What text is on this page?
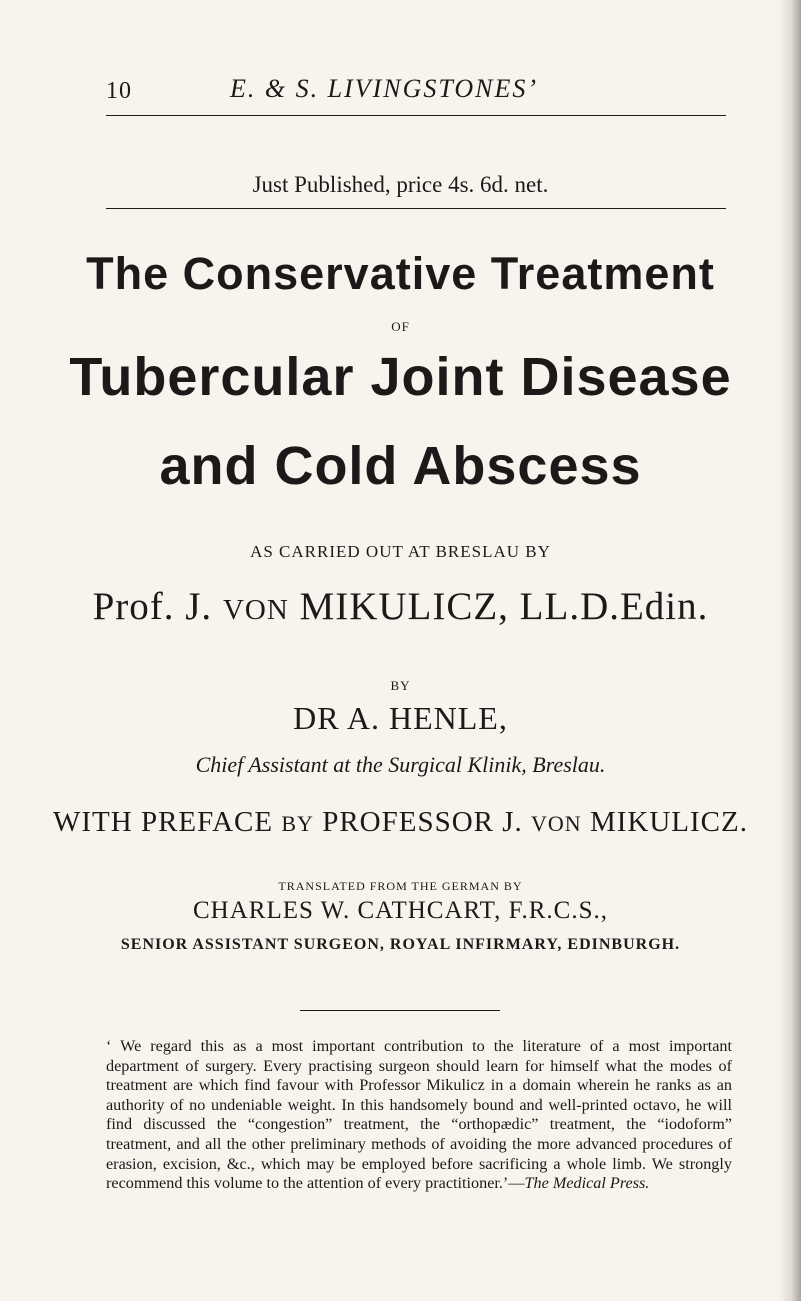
10	E. & S. LIVINGSTONES’
Just Published, price 4s. 6d. net.
The Conservative Treatment
OF
Tubercular Joint Disease
and Cold Abscess
AS CARRIED OUT AT BRESLAU BY
Prof. J. VON MIKULICZ, LL.D.Edin.
BY
DR A. HENLE,
Chief Assistant at the Surgical Klinik, Breslau.
WITH PREFACE BY PROFESSOR J. VON MIKULICZ.
TRANSLATED FROM THE GERMAN BY
CHARLES W. CATHCART, F.R.C.S.,
SENIOR ASSISTANT SURGEON, ROYAL INFIRMARY, EDINBURGH.
‘ We regard this as a most important contribution to the literature of a most important department of surgery. Every practising surgeon should learn for himself what the modes of treatment are which find favour with Professor Mikulicz in a domain wherein he ranks as an authority of no undeniable weight. In this handsomely bound and well-printed octavo, he will find discussed the “congestion” treatment, the “orthopædic” treatment, the “iodoform” treatment, and all the other preliminary methods of avoiding the more advanced procedures of erasion, excision, &c., which may be employed before sacrificing a whole limb. We strongly recommend this volume to the attention of every practitioner.’—The Medical Press.
